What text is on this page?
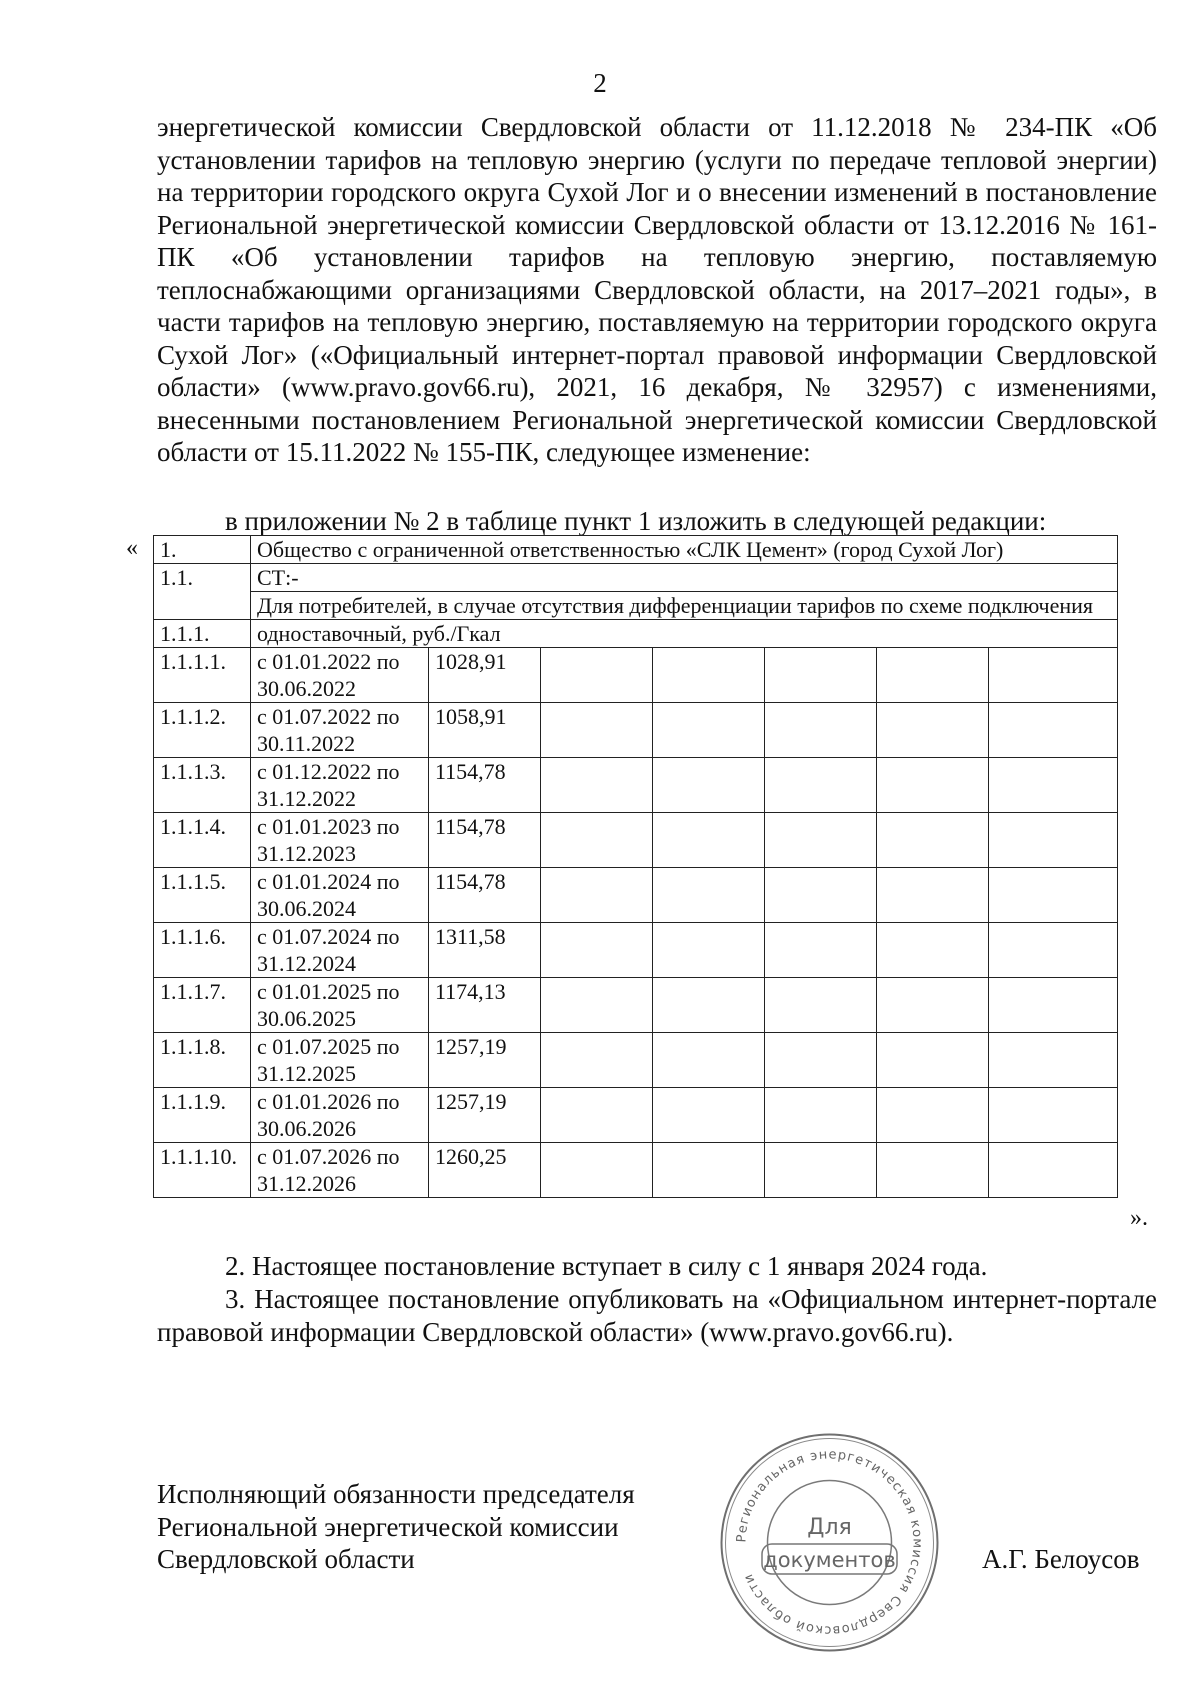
2
энергетической комиссии Свердловской области от 11.12.2018 № 234-ПК «Об установлении тарифов на тепловую энергию (услуги по передаче тепловой энергии) на территории городского округа Сухой Лог и о внесении изменений в постановление Региональной энергетической комиссии Свердловской области от 13.12.2016 № 161-ПК «Об установлении тарифов на тепловую энергию, поставляемую теплоснабжающими организациями Свердловской области, на 2017–2021 годы», в части тарифов на тепловую энергию, поставляемую на территории городского округа Сухой Лог» («Официальный интернет-портал правовой информации Свердловской области» (www.pravo.gov66.ru), 2021, 16 декабря, № 32957) с изменениями, внесенными постановлением Региональной энергетической комиссии Свердловской области от 15.11.2022 № 155-ПК, следующее изменение:
в приложении № 2 в таблице пункт 1 изложить в следующей редакции:
« 1.	Общество с ограниченной ответственностью «СЛК Цемент» (город Сухой Лог)						
1.1.	СТ:-						
	Для потребителей, в случае отсутствия дифференциации тарифов по схеме подключения						
1.1.1.	одноставочный, руб./Гкал						
1.1.1.1.	с 01.01.2022 по 30.06.2022	1028,91					
1.1.1.2.	с 01.07.2022 по 30.11.2022	1058,91					
1.1.1.3.	с 01.12.2022 по 31.12.2022	1154,78					
1.1.1.4.	с 01.01.2023 по 31.12.2023	1154,78					
1.1.1.5.	с 01.01.2024 по 30.06.2024	1154,78					
1.1.1.6.	с 01.07.2024 по 31.12.2024	1311,58					
1.1.1.7.	с 01.01.2025 по 30.06.2025	1174,13					
1.1.1.8.	с 01.07.2025 по 31.12.2025	1257,19					
1.1.1.9.	с 01.01.2026 по 30.06.2026	1257,19					
1.1.1.10.	с 01.07.2026 по 31.12.2026	1260,25					
».
2. Настоящее постановление вступает в силу с 1 января 2024 года.
3. Настоящее постановление опубликовать на «Официальном интернет-портале правовой информации Свердловской области» (www.pravo.gov66.ru).
Исполняющий обязанности председателя
Региональной энергетической комиссии
Свердловской области
Региональная энергетическая комиссия Свердловской области
Для
документов	А.Г. Белоусов
